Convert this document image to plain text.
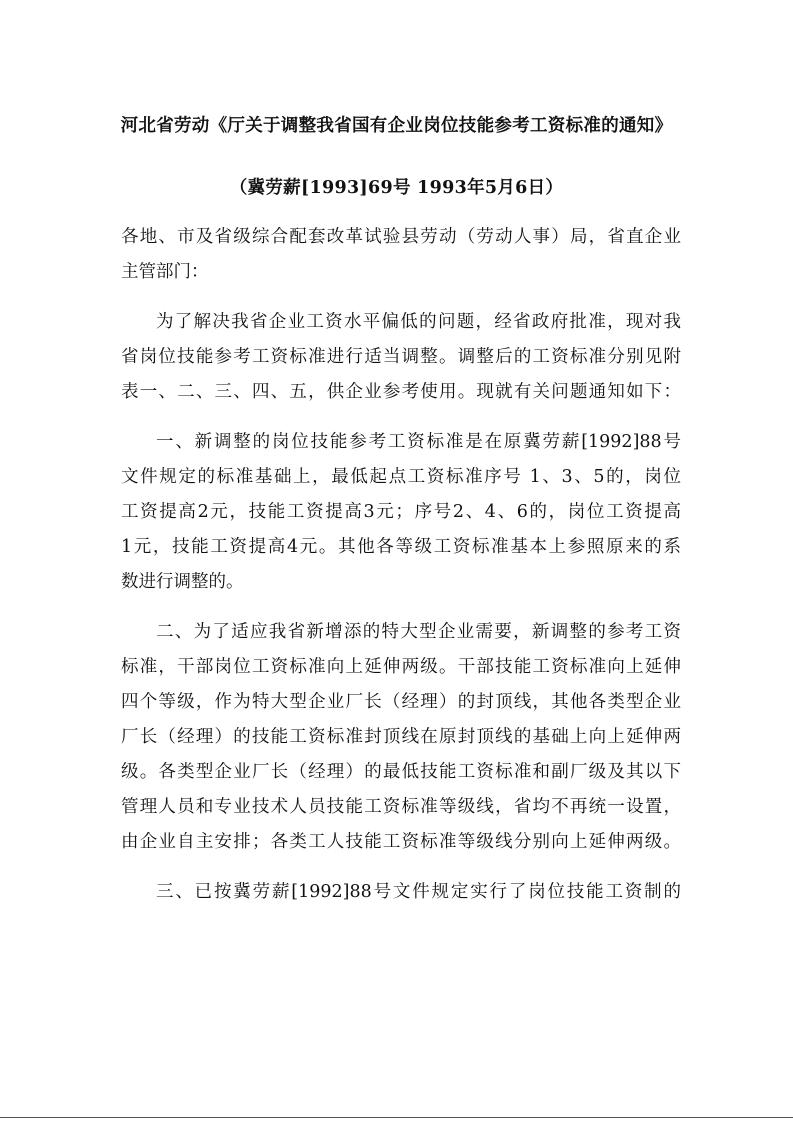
河北省劳动《厅关于调整我省国有企业岗位技能参考工资标准的通知》
（冀劳薪[1993]69号 1993年5月6日）

各地、市及省级综合配套改革试验县劳动（劳动人事）局，省直企业
主管部门：

为了解决我省企业工资水平偏低的问题，经省政府批准，现对我
省岗位技能参考工资标准进行适当调整。调整后的工资标准分别见附
表一、二、三、四、五，供企业参考使用。现就有关问题通知如下：

一、新调整的岗位技能参考工资标准是在原冀劳薪[1992]88号
文件规定的标准基础上，最低起点工资标准序号 1、3、5的，岗位
工资提高2元，技能工资提高3元；序号2、4、6的，岗位工资提高
1元，技能工资提高4元。其他各等级工资标准基本上参照原来的系
数进行调整的。

二、为了适应我省新增添的特大型企业需要，新调整的参考工资
标准，干部岗位工资标准向上延伸两级。干部技能工资标准向上延伸
四个等级，作为特大型企业厂长（经理）的封顶线，其他各类型企业
厂长（经理）的技能工资标准封顶线在原封顶线的基础上向上延伸两
级。各类型企业厂长（经理）的最低技能工资标准和副厂级及其以下
管理人员和专业技术人员技能工资标准等级线，省均不再统一设置，
由企业自主安排；各类工人技能工资标准等级线分别向上延伸两级。

三、已按冀劳薪[1992]88号文件规定实行了岗位技能工资制的
